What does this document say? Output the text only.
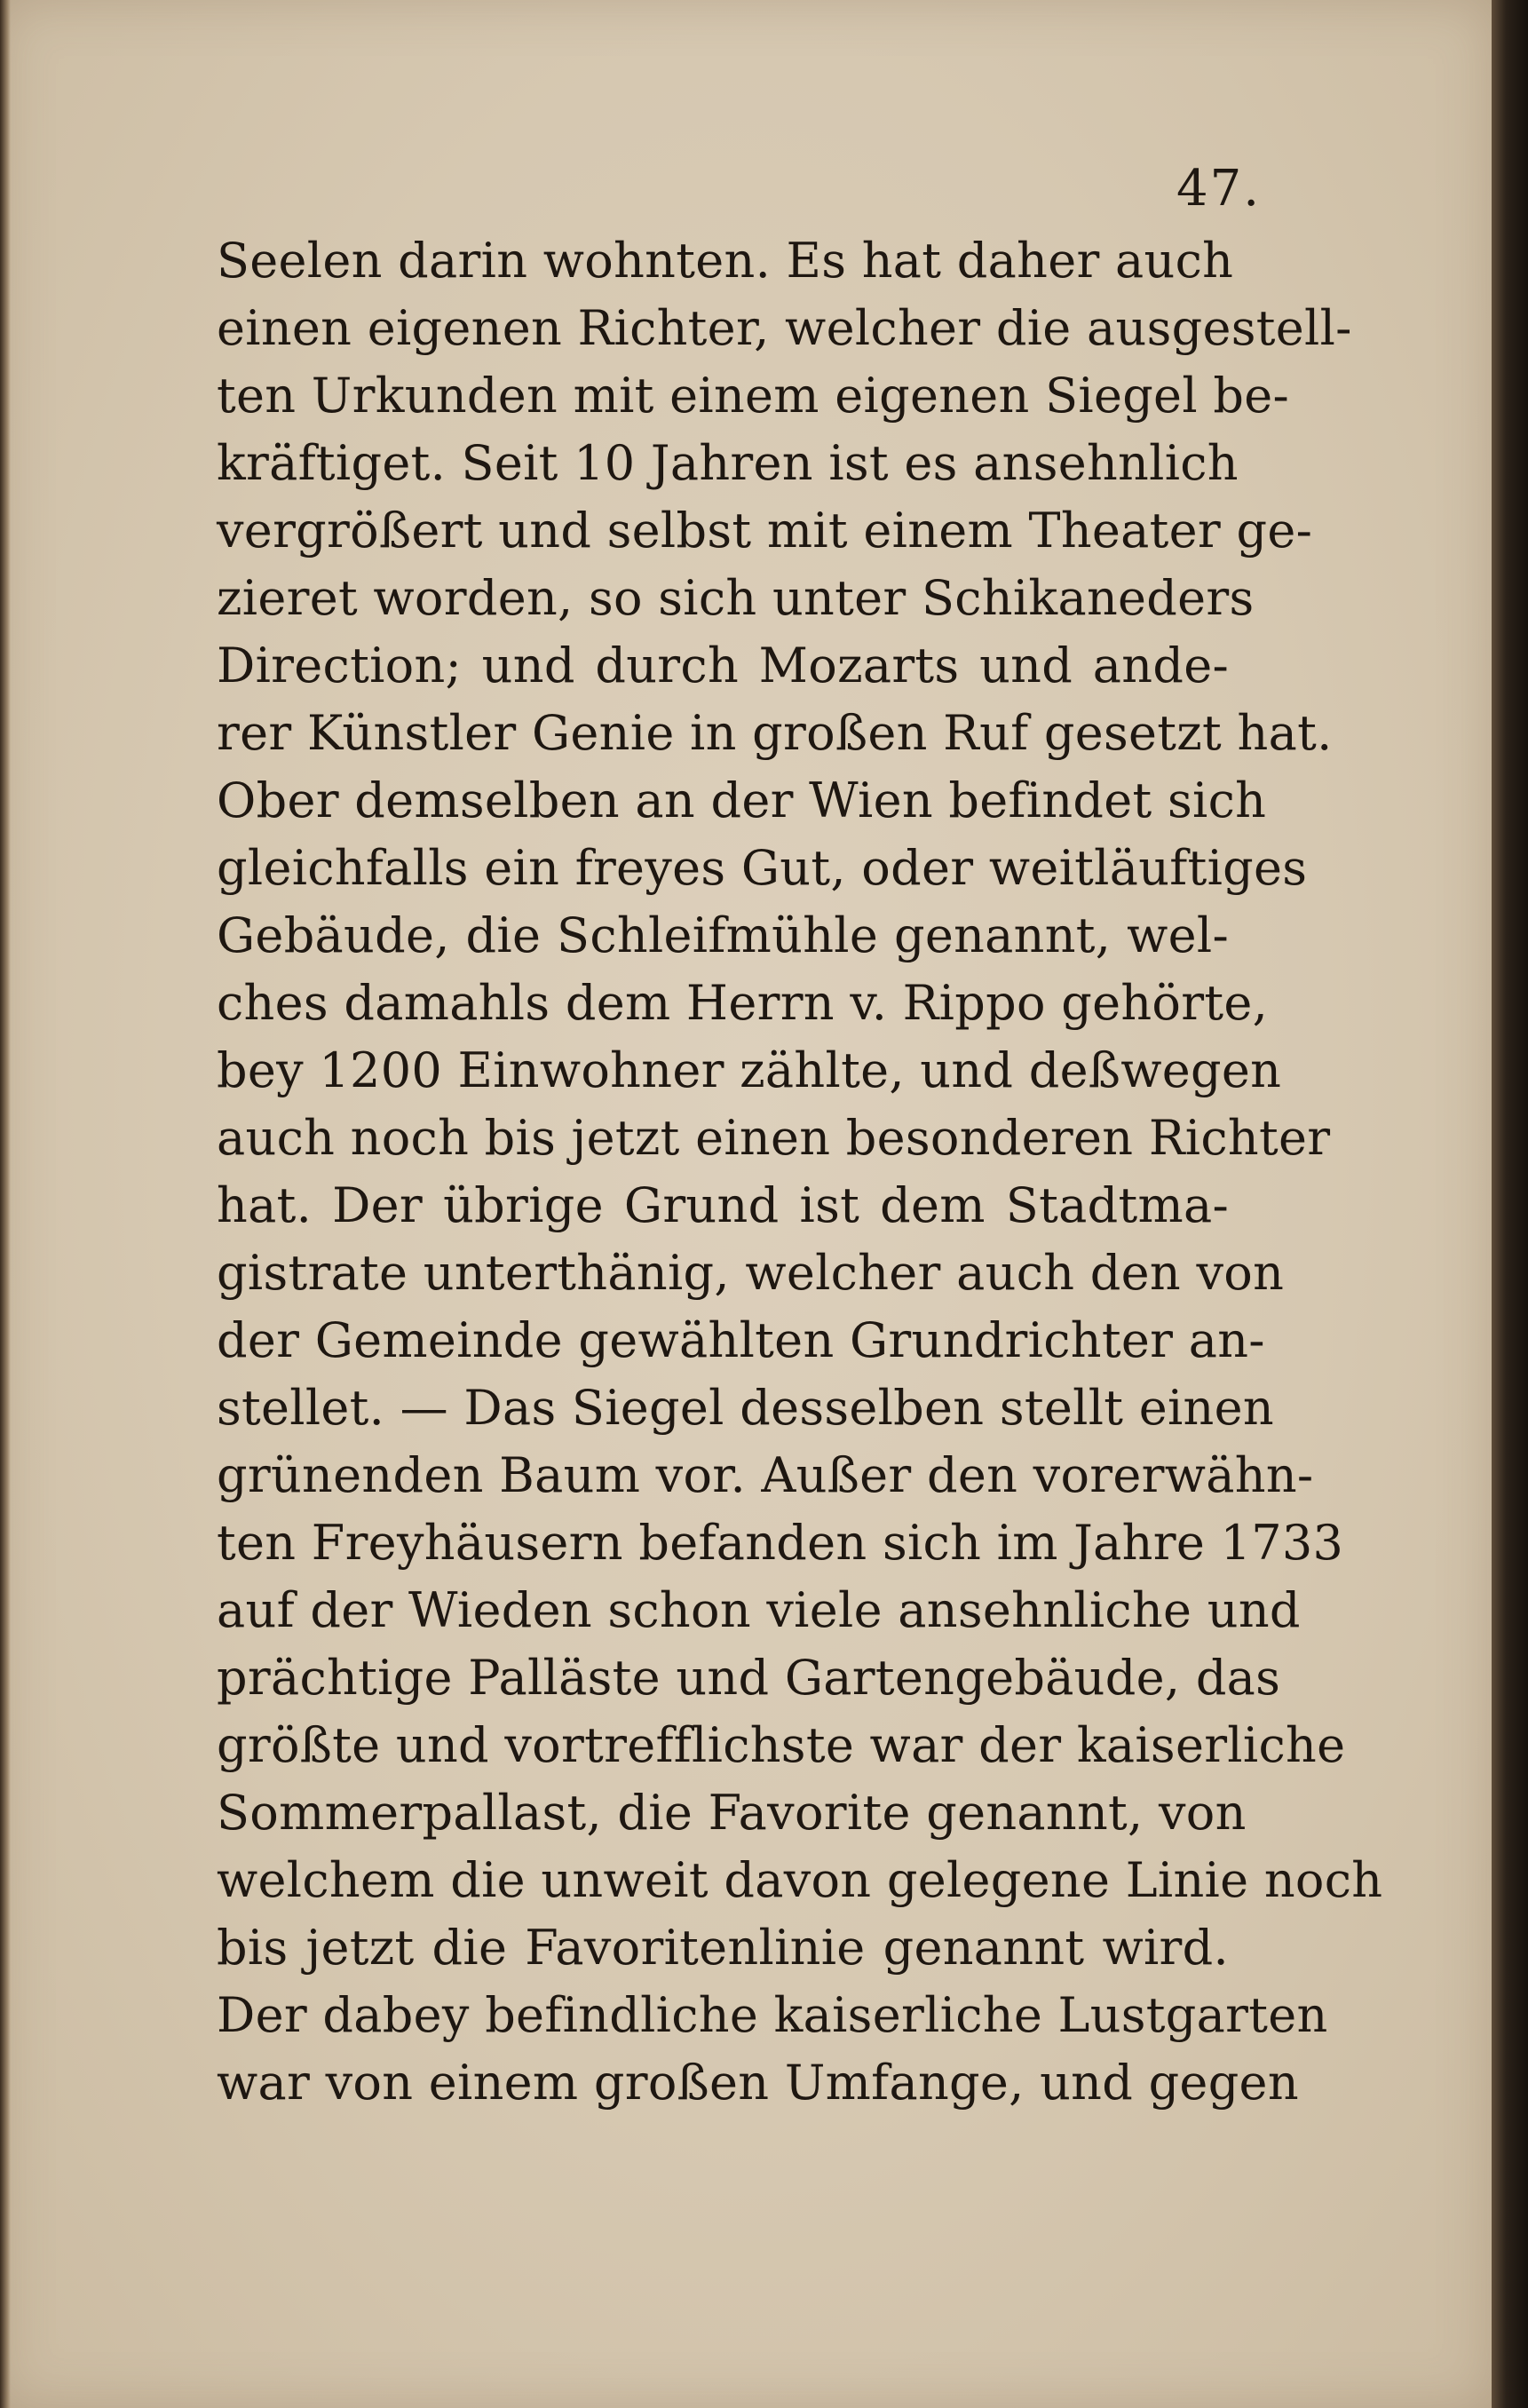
47.
Seelen darin wohnten. Es hat daher auch
einen eigenen Richter, welcher die ausgestell-
ten Urkunden mit einem eigenen Siegel be-
kräftiget. Seit 10 Jahren ist es ansehnlich
vergrößert und selbst mit einem Theater ge-
zieret worden, so sich unter Schikaneders
Direction; und durch Mozarts und ande-
rer Künstler Genie in großen Ruf gesetzt hat.
Ober demselben an der Wien befindet sich
gleichfalls ein freyes Gut, oder weitläuftiges
Gebäude, die Schleifmühle genannt, wel-
ches damahls dem Herrn v. Rippo gehörte,
bey 1200 Einwohner zählte, und deßwegen
auch noch bis jetzt einen besonderen Richter
hat. Der übrige Grund ist dem Stadtma-
gistrate unterthänig, welcher auch den von
der Gemeinde gewählten Grundrichter an-
stellet. — Das Siegel desselben stellt einen
grünenden Baum vor. Außer den vorerwähn-
ten Freyhäusern befanden sich im Jahre 1733
auf der Wieden schon viele ansehnliche und
prächtige Palläste und Gartengebäude, das
größte und vortrefflichste war der kaiserliche
Sommerpallast, die Favorite genannt, von
welchem die unweit davon gelegene Linie noch
bis jetzt die Favoritenlinie genannt wird.
Der dabey befindliche kaiserliche Lustgarten
war von einem großen Umfange, und gegen
